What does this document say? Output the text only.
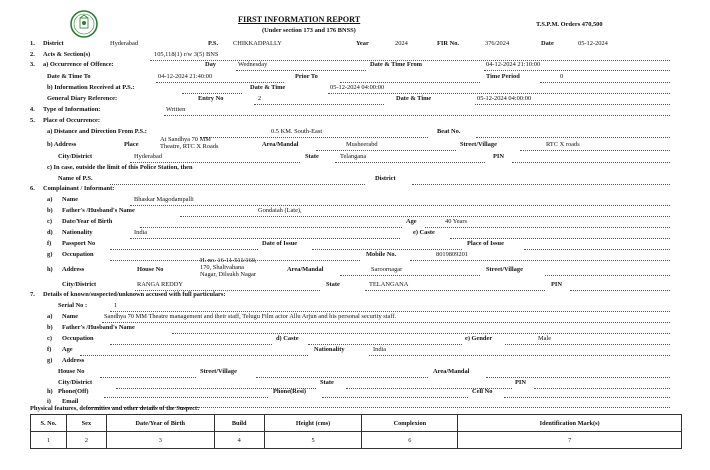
FIRST INFORMATION REPORT
(Under section 173 and 176 BNSS)
T.S.P.M. Orders 470,500
1. District	Hyderabad	P.S. CHIKKADPALLY	Year	2024	FIR No.	376/2024	Date	05-12-2024
2. Acts & Section(s)	105,118(1) r/w 3(5) BNS
3. a) Occurrence of Offence:	Day	Wednesday	Date & Time From	04-12-2024 21:10:00
Date & Time To	04-12-2024 21:40:00	Prior To	Time Period	0
b) Information Received at P.S.:	Date & Time	05-12-2024 04:00:00
General Diary Reference:	Entry No	2	Date & Time	05-12-2024 04:00:00
4. Type of Information:	Written
5. Place of Occurrence:
a) Distance and Direction From P.S.:	0.5 KM. South-East	Beat No.
b) Address	Place
At Sandhya 70 MM
Theatre, RTC X Roads	Area/Mandal	Musheerabd	Street/Village	RTC X roads
City/District	Hyderabad	State	Telangana	PIN
c) In case, outside the limit of this Police Station, then
Name of P.S.	District
6. Complainant / Informant:
a) Name	Bhaskar Magodampalli
b) Father's /Husband's Name	Gondaiah (Late),
c) Date/Year of Birth	Age	40 Years
d) Nationality	India	e) Caste
f) Passport No	Date of Issue	Place of Issue
g) Occupation	Mobile No.	8019809201
h) Address	House No
H. no. 16-11-511/160,
170, Shalivahana
Nagar, Dilsukh Nagar
Area/Mandal	Saroornagar	Street/Village
City/District	RANGA REDDY	State	TELANGANA	PIN
7. Details of known/suspected/unknown accused with full particulars:
Serial No :	1
a) Name	Sandhya 70 MM Theatre management and their staff, Telugu Film actor Allu Arjun and his personal security staff.
b) Father's /Husband's Name
c) Occupation	d) Caste	e) Gender	Male
f) Age	Nationality	India
g) Address
House No	Street/Village	Area/Mandal
City/District	State	PIN
h) Phone(Off)	Phone(Resi)	Cell No
i) Email
Physical features, deformities and other details of the Suspect:
S. No.	Sex	Date/Year of Birth	Build	Height (cms)	Complexion	Identification Mark(s)
1	2	3	4	5	6	7
